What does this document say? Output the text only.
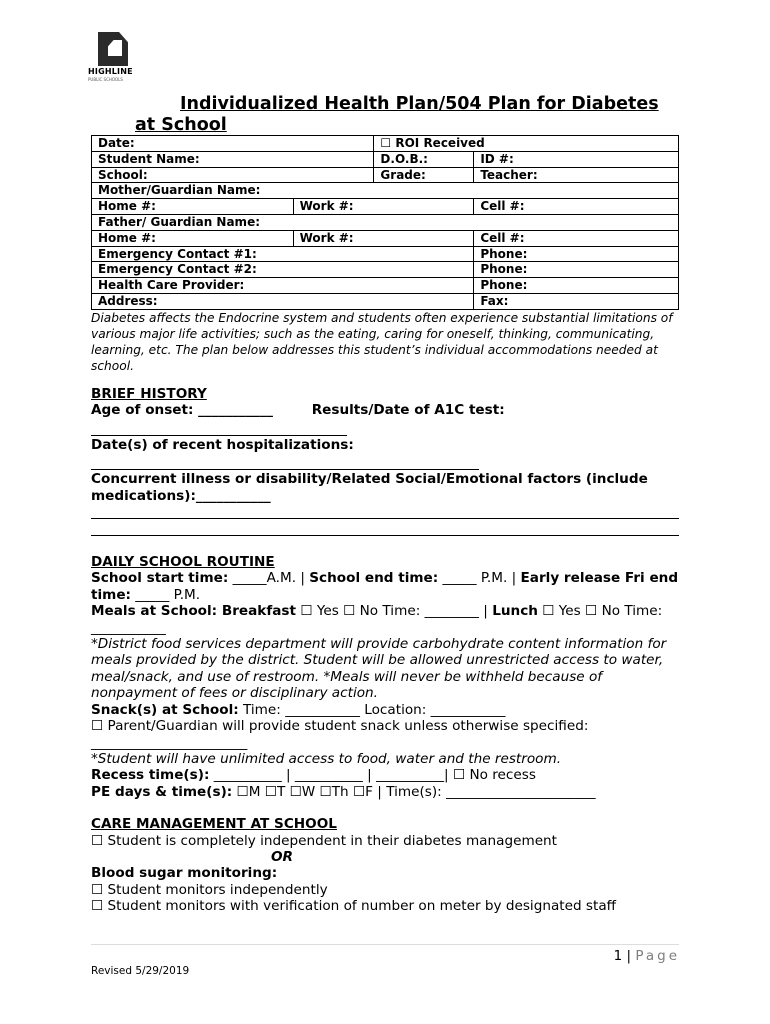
HIGHLINE
PUBLIC SCHOOLS
Individualized Health Plan/504 Plan for Diabetes
at School
Date:		☐ ROI Received	
Student Name:		D.O.B.:	ID #:
School:		Grade:	Teacher:
Mother/Guardian Name:			
Home #:	Work #:		Cell #:
Father/ Guardian Name:			
Home #:	Work #:		Cell #:
Emergency Contact #1:			Phone:
Emergency Contact #2:			Phone:
Health Care Provider:			Phone:
Address:			Fax:
Diabetes affects the Endocrine system and students often experience substantial limitations of various major life activities; such as the eating, caring for oneself, thinking, communicating, learning, etc. The plan below addresses this student’s individual accommodations needed at school.
BRIEF HISTORY
Age of onset: ___________	Results/Date of A1C test:
Date(s) of recent hospitalizations:
Concurrent illness or disability/Related Social/Emotional factors (include medications):___________
DAILY SCHOOL ROUTINE
School start time: _____A.M. | School end time: _____ P.M. | Early release Fri end time: _____ P.M.
Meals at School: Breakfast ☐ Yes ☐ No Time: ________ | Lunch ☐ Yes ☐ No Time: ___________
*District food services department will provide carbohydrate content information for meals provided by the district. Student will be allowed unrestricted access to water, meal/snack, and use of restroom. *Meals will never be withheld because of nonpayment of fees or disciplinary action.
Snack(s) at School: Time: ___________ Location: ___________
☐ Parent/Guardian will provide student snack unless otherwise specified: _______________________
*Student will have unlimited access to food, water and the restroom.
Recess time(s): __________ | __________ | __________| ☐ No recess
PE days & time(s): ☐M ☐T ☐W ☐Th ☐F | Time(s): ______________________
CARE MANAGEMENT AT SCHOOL
☐ Student is completely independent in their diabetes management
OR
Blood sugar monitoring:
☐ Student monitors independently
☐ Student monitors with verification of number on meter by designated staff
1 | Page
Revised 5/29/2019
